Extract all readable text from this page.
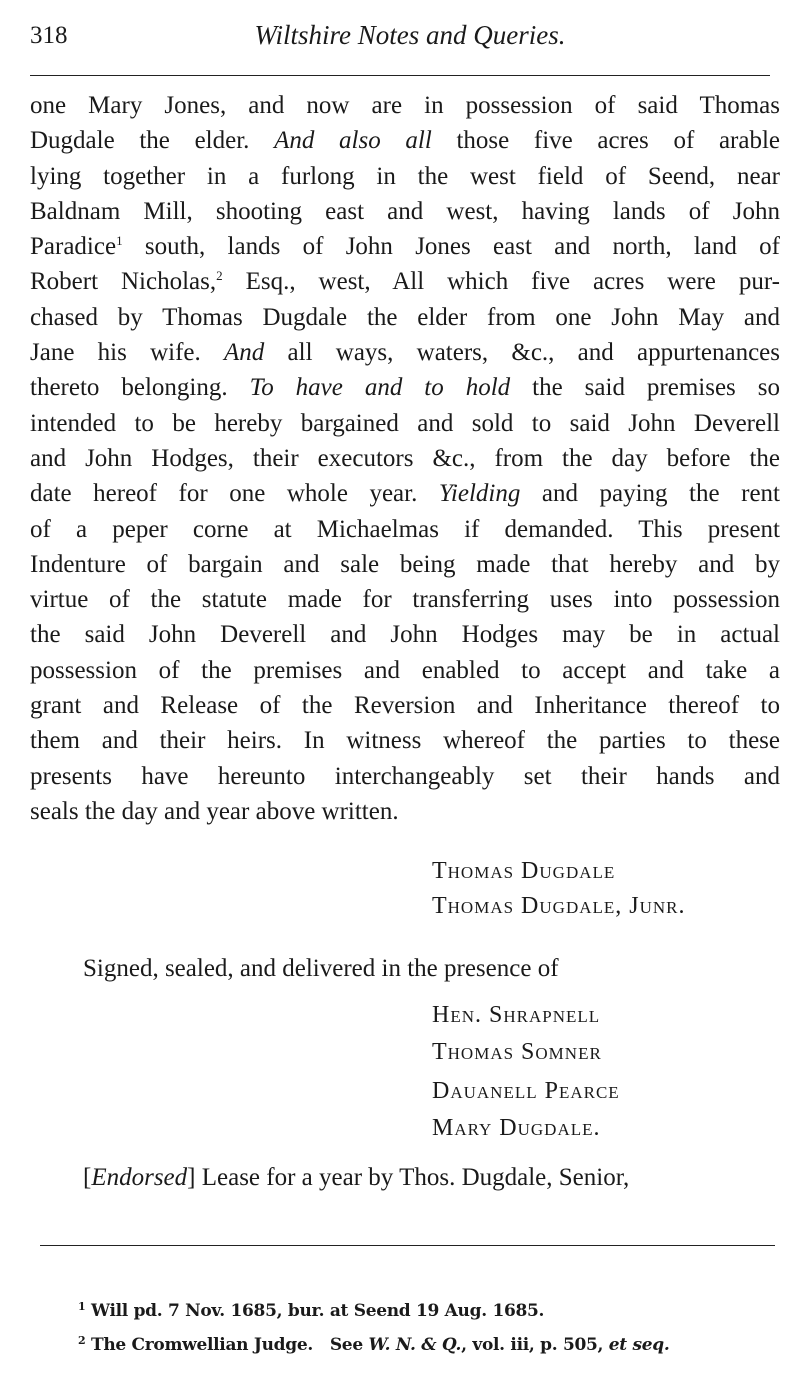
318	Wiltshire Notes and Queries.
one Mary Jones, and now are in possession of said Thomas
Dugdale the elder. And also all those five acres of arable
lying together in a furlong in the west field of Seend, near
Baldnam Mill, shooting east and west, having lands of John
Paradice$^1$ south, lands of John Jones east and north, land of
Robert Nicholas,$^2$ Esq., west, All which five acres were pur-
chased by Thomas Dugdale the elder from one John May and
Jane his wife. And all ways, waters, &c., and appurtenances
thereto belonging. To have and to hold the said premises so
intended to be hereby bargained and sold to said John Deverell
and John Hodges, their executors &c., from the day before the
date hereof for one whole year. Yielding and paying the rent
of a peper corne at Michaelmas if demanded. This present
Indenture of bargain and sale being made that hereby and by
virtue of the statute made for transferring uses into possession
the said John Deverell and John Hodges may be in actual
possession of the premises and enabled to accept and take a
grant and Release of the Reversion and Inheritance thereof to
them and their heirs. In witness whereof the parties to these
presents have hereunto interchangeably set their hands and
seals the day and year above written.
Thomas Dugdale
Thomas Dugdale, Junr.
Signed, sealed, and delivered in the presence of
Hen. Shrapnell
Thomas Somner
Dauanell Pearce
Mary Dugdale.
[Endorsed] Lease for a year by Thos. Dugdale, Senior,
$^1$ Will pd. 7 Nov. 1685, bur. at Seend 19 Aug. 1685.
$^2$ The Cromwellian Judge.   See W. N. & Q., vol. iii, p. 505, et seq.
